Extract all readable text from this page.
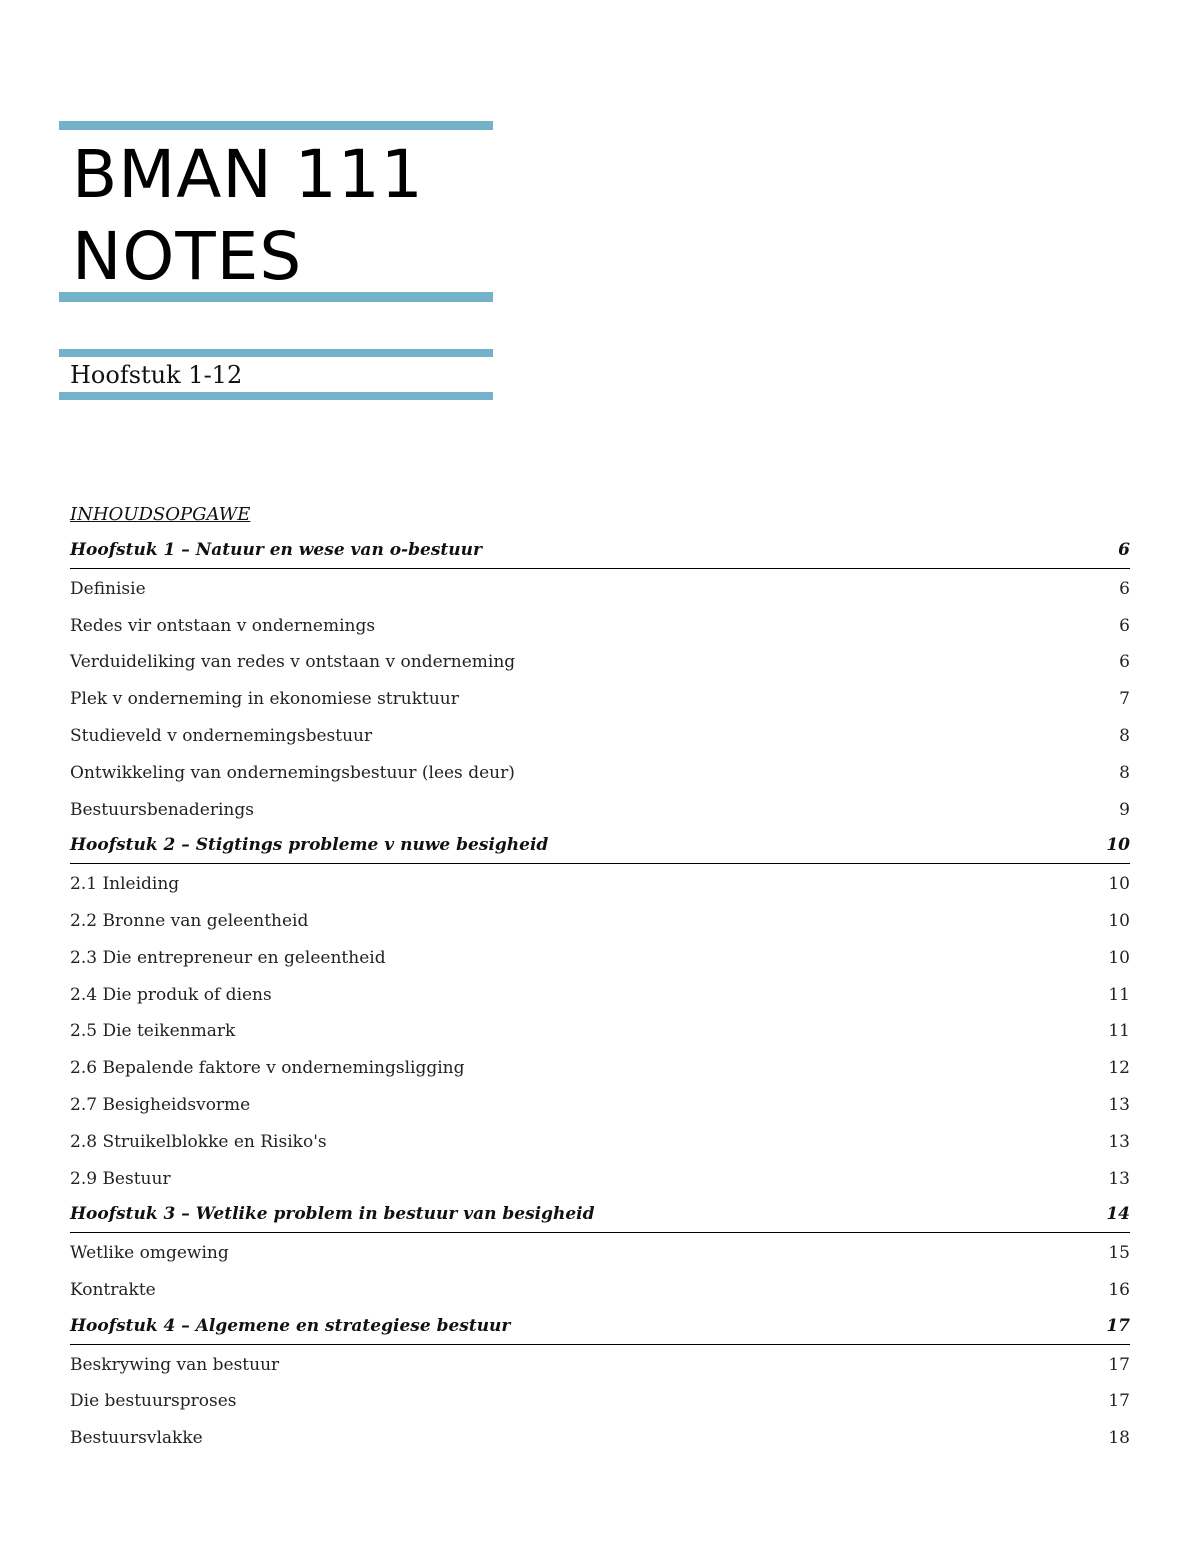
BMAN 111
NOTES
Hoofstuk 1-12
INHOUDSOPGAWE
Hoofstuk 1 – Natuur en wese van o-bestuur	6
Definisie	6
Redes vir ontstaan v ondernemings	6
Verduideliking van redes v ontstaan v onderneming	6
Plek v onderneming in ekonomiese struktuur	7
Studieveld v ondernemingsbestuur	8
Ontwikkeling van ondernemingsbestuur (lees deur)	8
Bestuursbenaderings	9
Hoofstuk 2 – Stigtings probleme v nuwe besigheid	10
2.1 Inleiding	10
2.2 Bronne van geleentheid	10
2.3 Die entrepreneur en geleentheid	10
2.4 Die produk of diens	11
2.5 Die teikenmark	11
2.6 Bepalende faktore v ondernemingsligging	12
2.7 Besigheidsvorme	13
2.8 Struikelblokke en Risiko's	13
2.9 Bestuur	13
Hoofstuk 3 – Wetlike problem in bestuur van besigheid	14
Wetlike omgewing	15
Kontrakte	16
Hoofstuk 4 – Algemene en strategiese bestuur	17
Beskrywing van bestuur	17
Die bestuursproses	17
Bestuursvlakke	18
